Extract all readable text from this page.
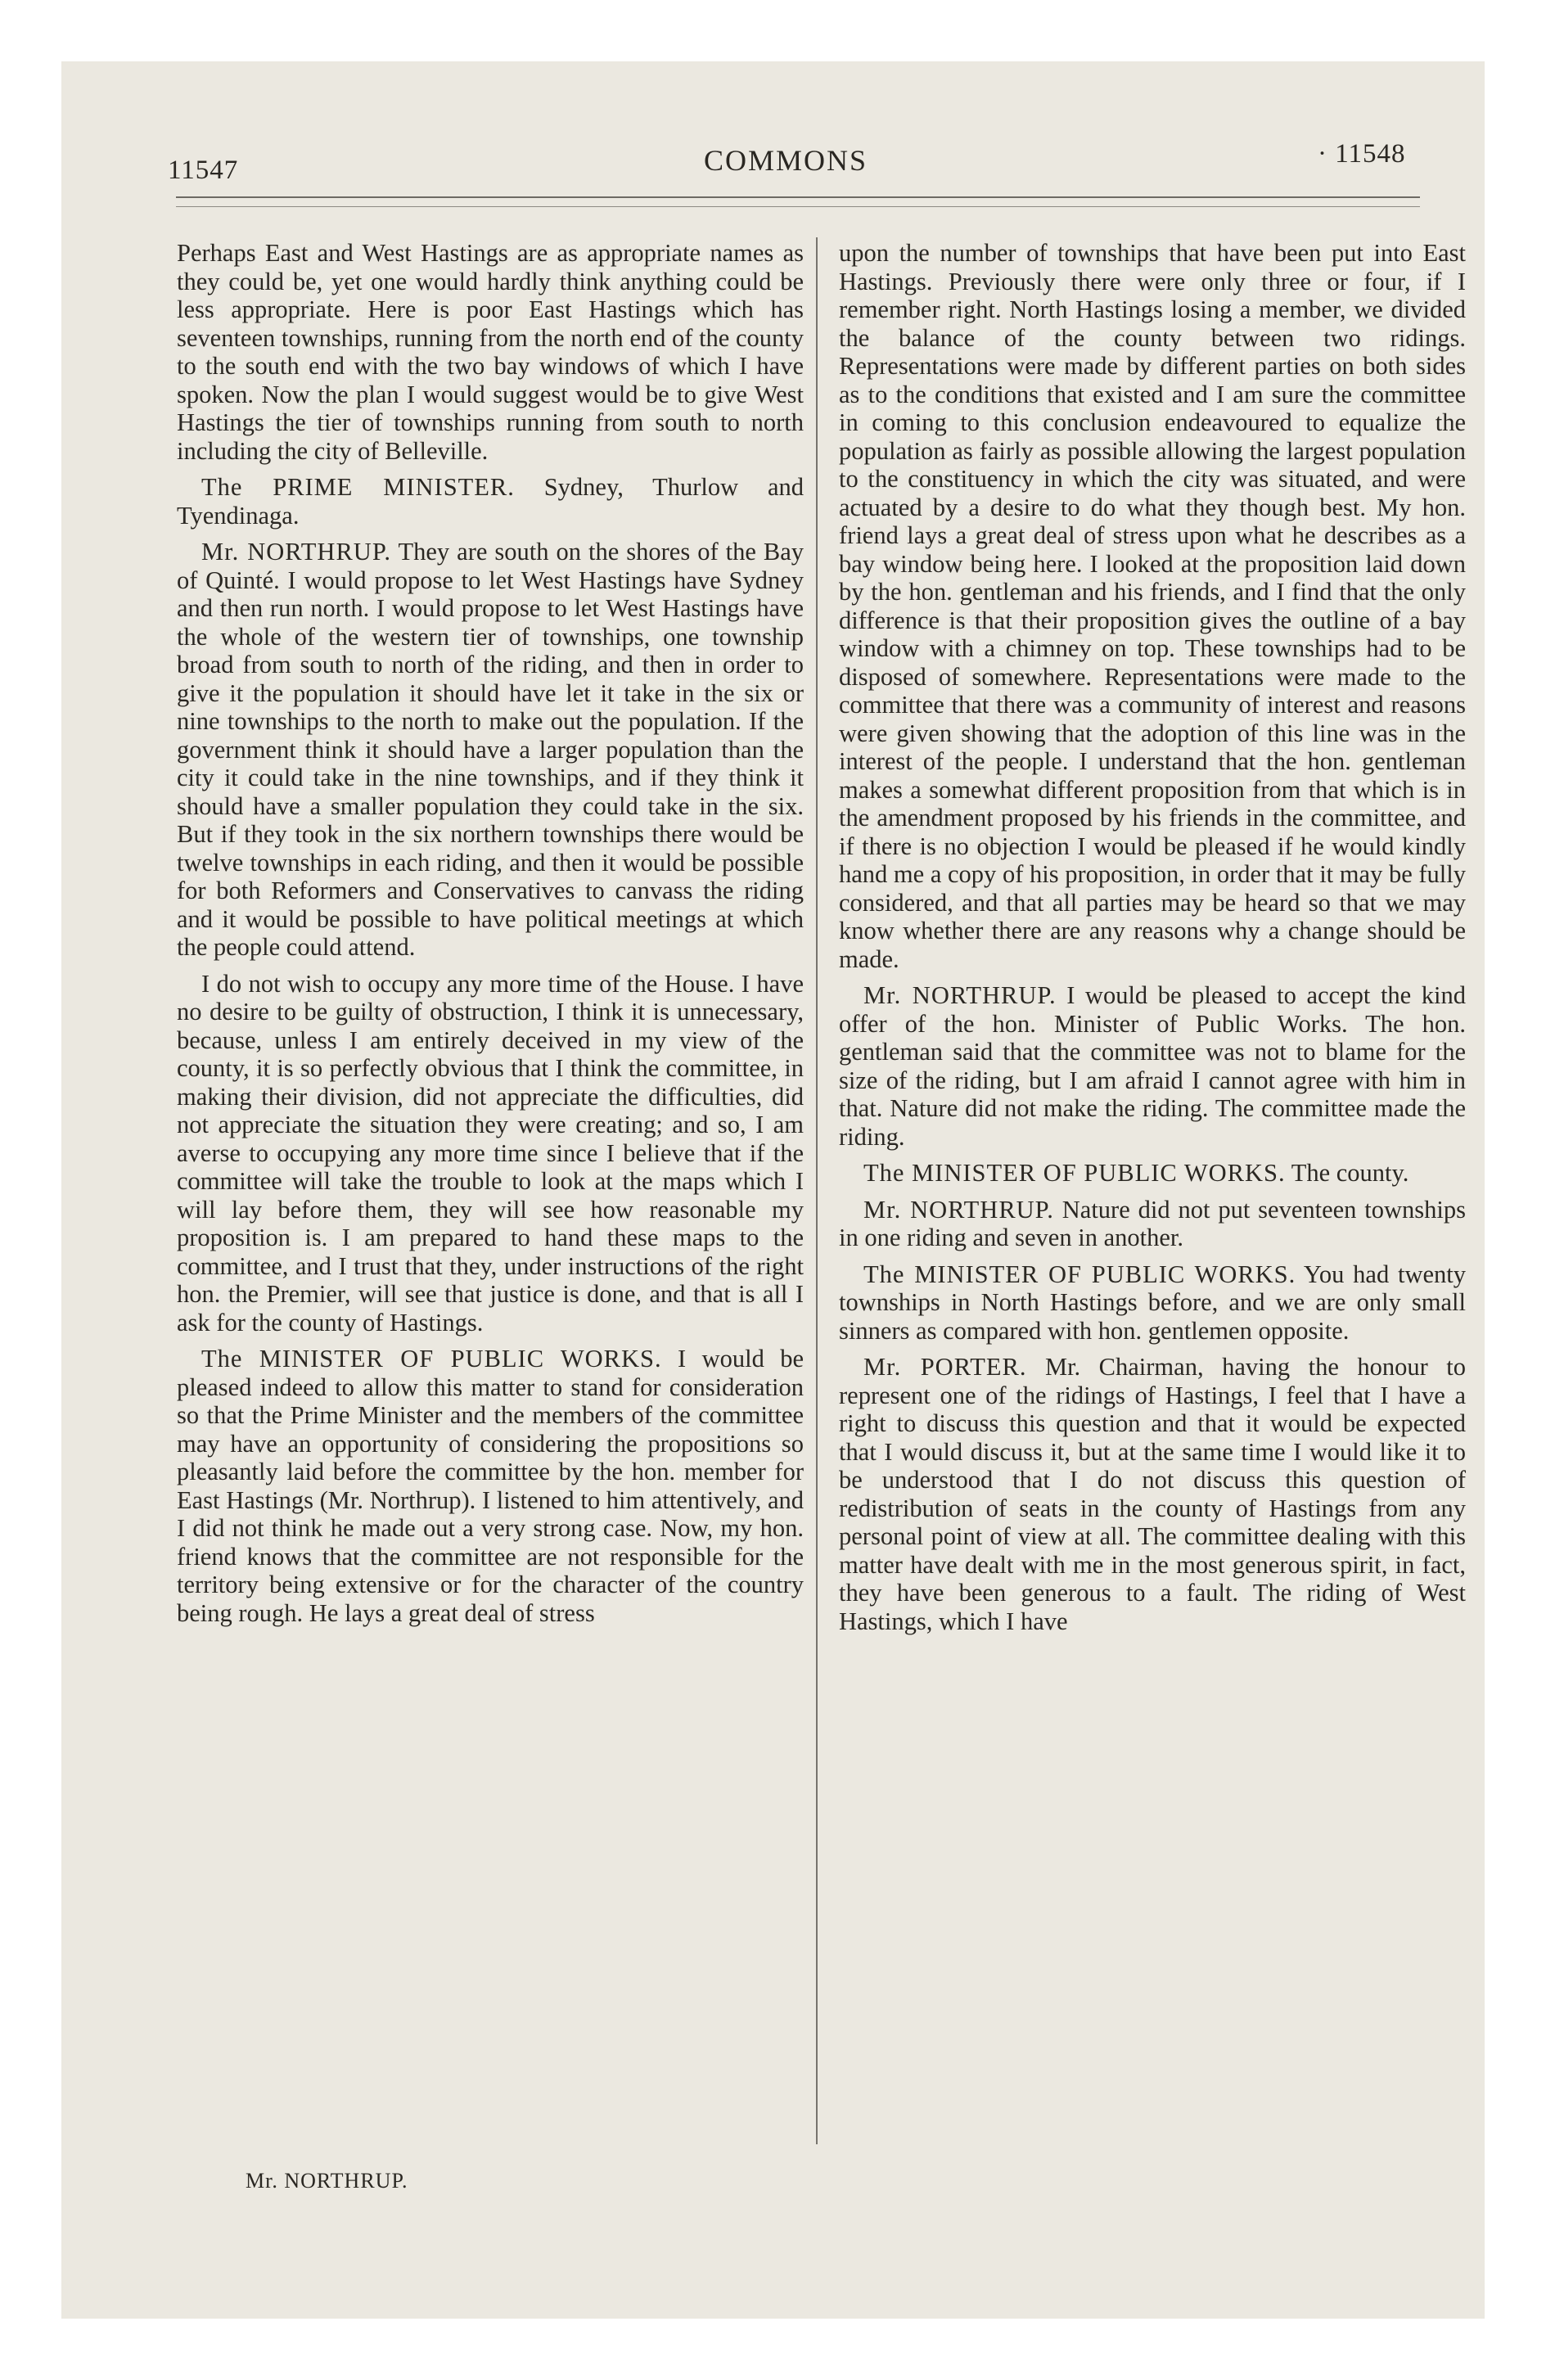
11547	COMMONS	· 11548

Perhaps East and West Hastings are as appropriate names as they could be, yet one would hardly think anything could be less appropriate. Here is poor East Hastings which has seventeen townships, running from the north end of the county to the south end with the two bay windows of which I have spoken. Now the plan I would suggest would be to give West Hastings the tier of townships running from south to north including the city of Belleville.

The PRIME MINISTER. Sydney, Thurlow and Tyendinaga.

Mr. NORTHRUP. They are south on the shores of the Bay of Quinté. I would propose to let West Hastings have Sydney and then run north. I would propose to let West Hastings have the whole of the western tier of townships, one township broad from south to north of the riding, and then in order to give it the population it should have let it take in the six or nine townships to the north to make out the population. If the government think it should have a larger population than the city it could take in the nine townships, and if they think it should have a smaller population they could take in the six. But if they took in the six northern townships there would be twelve townships in each riding, and then it would be possible for both Reformers and Conservatives to canvass the riding and it would be possible to have political meetings at which the people could attend.

I do not wish to occupy any more time of the House. I have no desire to be guilty of obstruction, I think it is unnecessary, because, unless I am entirely deceived in my view of the county, it is so perfectly obvious that I think the committee, in making their division, did not appreciate the difficulties, did not appreciate the situation they were creating; and so, I am averse to occupying any more time since I believe that if the committee will take the trouble to look at the maps which I will lay before them, they will see how reasonable my proposition is. I am prepared to hand these maps to the committee, and I trust that they, under instructions of the right hon. the Premier, will see that justice is done, and that is all I ask for the county of Hastings.

The MINISTER OF PUBLIC WORKS. I would be pleased indeed to allow this matter to stand for consideration so that the Prime Minister and the members of the committee may have an opportunity of considering the propositions so pleasantly laid before the committee by the hon. member for East Hastings (Mr. Northrup). I listened to him attentively, and I did not think he made out a very strong case. Now, my hon. friend knows that the committee are not responsible for the territory being extensive or for the character of the country being rough. He lays a great deal of stress

upon the number of townships that have been put into East Hastings. Previously there were only three or four, if I remember right. North Hastings losing a member, we divided the balance of the county between two ridings. Representations were made by different parties on both sides as to the conditions that existed and I am sure the committee in coming to this conclusion endeavoured to equalize the population as fairly as possible allowing the largest population to the constituency in which the city was situated, and were actuated by a desire to do what they though best. My hon. friend lays a great deal of stress upon what he describes as a bay window being here. I looked at the proposition laid down by the hon. gentleman and his friends, and I find that the only difference is that their proposition gives the outline of a bay window with a chimney on top. These townships had to be disposed of somewhere. Representations were made to the committee that there was a community of interest and reasons were given showing that the adoption of this line was in the interest of the people. I understand that the hon. gentleman makes a somewhat different proposition from that which is in the amendment proposed by his friends in the committee, and if there is no objection I would be pleased if he would kindly hand me a copy of his proposition, in order that it may be fully considered, and that all parties may be heard so that we may know whether there are any reasons why a change should be made.

Mr. NORTHRUP. I would be pleased to accept the kind offer of the hon. Minister of Public Works. The hon. gentleman said that the committee was not to blame for the size of the riding, but I am afraid I cannot agree with him in that. Nature did not make the riding. The committee made the riding.

The MINISTER OF PUBLIC WORKS. The county.

Mr. NORTHRUP. Nature did not put seventeen townships in one riding and seven in another.

The MINISTER OF PUBLIC WORKS. You had twenty townships in North Hastings before, and we are only small sinners as compared with hon. gentlemen opposite.

Mr. PORTER. Mr. Chairman, having the honour to represent one of the ridings of Hastings, I feel that I have a right to discuss this question and that it would be expected that I would discuss it, but at the same time I would like it to be understood that I do not discuss this question of redistribution of seats in the county of Hastings from any personal point of view at all. The committee dealing with this matter have dealt with me in the most generous spirit, in fact, they have been generous to a fault. The riding of West Hastings, which I have

Mr. NORTHRUP.
